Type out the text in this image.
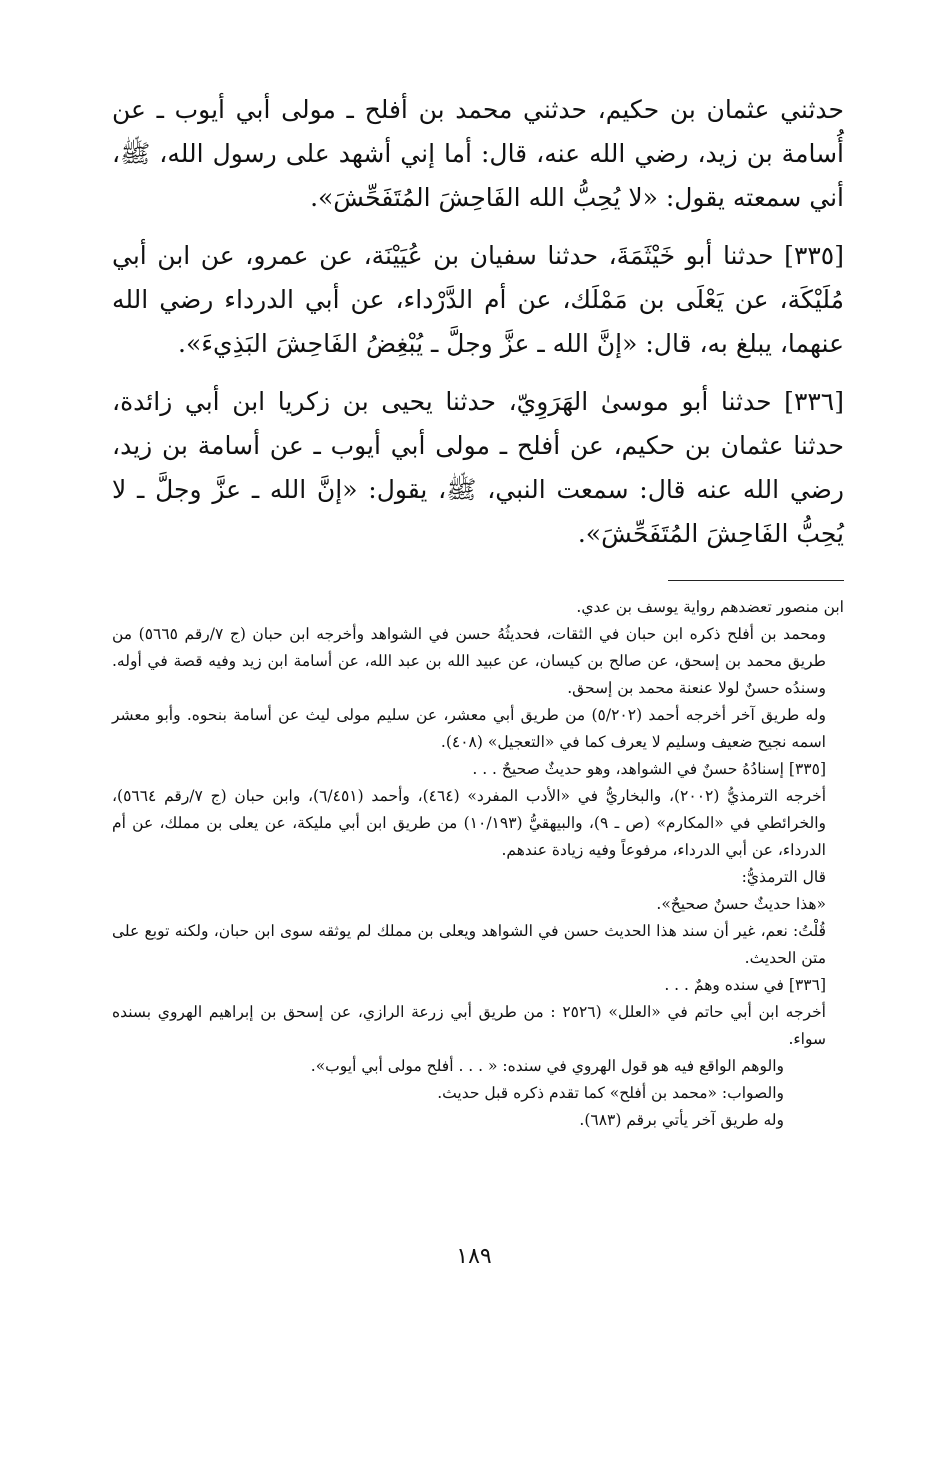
حدثني عثمان بن حكيم، حدثني محمد بن أفلح ـ مولى أبي أيوب ـ عن أُسامة بن زيد، رضي الله عنه، قال: أما إني أشهد على رسول الله، ﷺ، أني سمعته يقول: «لا يُحِبُّ الله الفَاحِشَ المُتَفَحِّشَ».

[٣٣٥] حدثنا أبو خَيْثَمَةَ، حدثنا سفيان بن عُيَيْنَة، عن عمرو، عن ابن أبي مُلَيْكَة، عن يَعْلَى بن مَمْلَك، عن أم الدَّرْداء، عن أبي الدرداء رضي الله عنهما، يبلغ به، قال: «إنَّ الله ـ عزَّ وجلَّ ـ يُبْغِضُ الفَاحِشَ البَذِيءَ».

[٣٣٦] حدثنا أبو موسىٰ الهَرَوِيّ، حدثنا يحيى بن زكريا ابن أبي زائدة، حدثنا عثمان بن حكيم، عن أفلح ـ مولى أبي أيوب ـ عن أسامة بن زيد، رضي الله عنه قال: سمعت النبي، ﷺ، يقول: «إنَّ الله ـ عزَّ وجلَّ ـ لا يُحِبُّ الفَاحِشَ المُتَفَحِّشَ».

ابن منصور تعضدهم رواية يوسف بن عدي.

ومحمد بن أفلح ذكره ابن حبان في الثقات، فحديثُهُ حسن في الشواهد وأخرجه ابن حبان (ج ٧/رقم ٥٦٦٥) من طريق محمد بن إسحق، عن صالح بن كيسان، عن عبيد الله بن عبد الله، عن أسامة ابن زيد وفيه قصة في أوله. وسندُه حسنٌ لولا عنعنة محمد بن إسحق.

وله طريق آخر أخرجه أحمد (٥/٢٠٢) من طريق أبي معشر، عن سليم مولى ليث عن أسامة بنحوه. وأبو معشر اسمه نجيح ضعيف وسليم لا يعرف كما في «التعجيل» (٤٠٨).

[٣٣٥] إسنادُهُ حسنٌ في الشواهد، وهو حديثٌ صحيحٌ . . .

أخرجه الترمذيُّ (٢٠٠٢)، والبخاريُّ في «الأدب المفرد» (٤٦٤)، وأحمد (٦/٤٥١)، وابن حبان (ج ٧/رقم ٥٦٦٤)، والخرائطي في «المكارم» (ص ـ ٩)، والبيهقيُّ (١٠/١٩٣) من طريق ابن أبي مليكة، عن يعلى بن مملك، عن أم الدرداء، عن أبي الدرداء، مرفوعاً وفيه زيادة عندهم.

قال الترمذيُّ:

«هذا حديثٌ حسنٌ صحيحٌ».

قُلْتُ: نعم، غير أن سند هذا الحديث حسن في الشواهد ويعلى بن مملك لم يوثقه سوى ابن حبان، ولكنه توبع على متن الحديث.

[٣٣٦] في سنده وهمٌ . . .

أخرجه ابن أبي حاتم في «العلل» (٢٥٢٦ : من طريق أبي زرعة الرازي، عن إسحق بن إبراهيم الهروي بسنده سواء.

والوهم الواقع فيه هو قول الهروي في سنده: « . . . أفلح مولى أبي أيوب».

والصواب: «محمد بن أفلح» كما تقدم ذكره قبل حديث.

وله طريق آخر يأتي برقم (٦٨٣).

١٨٩
